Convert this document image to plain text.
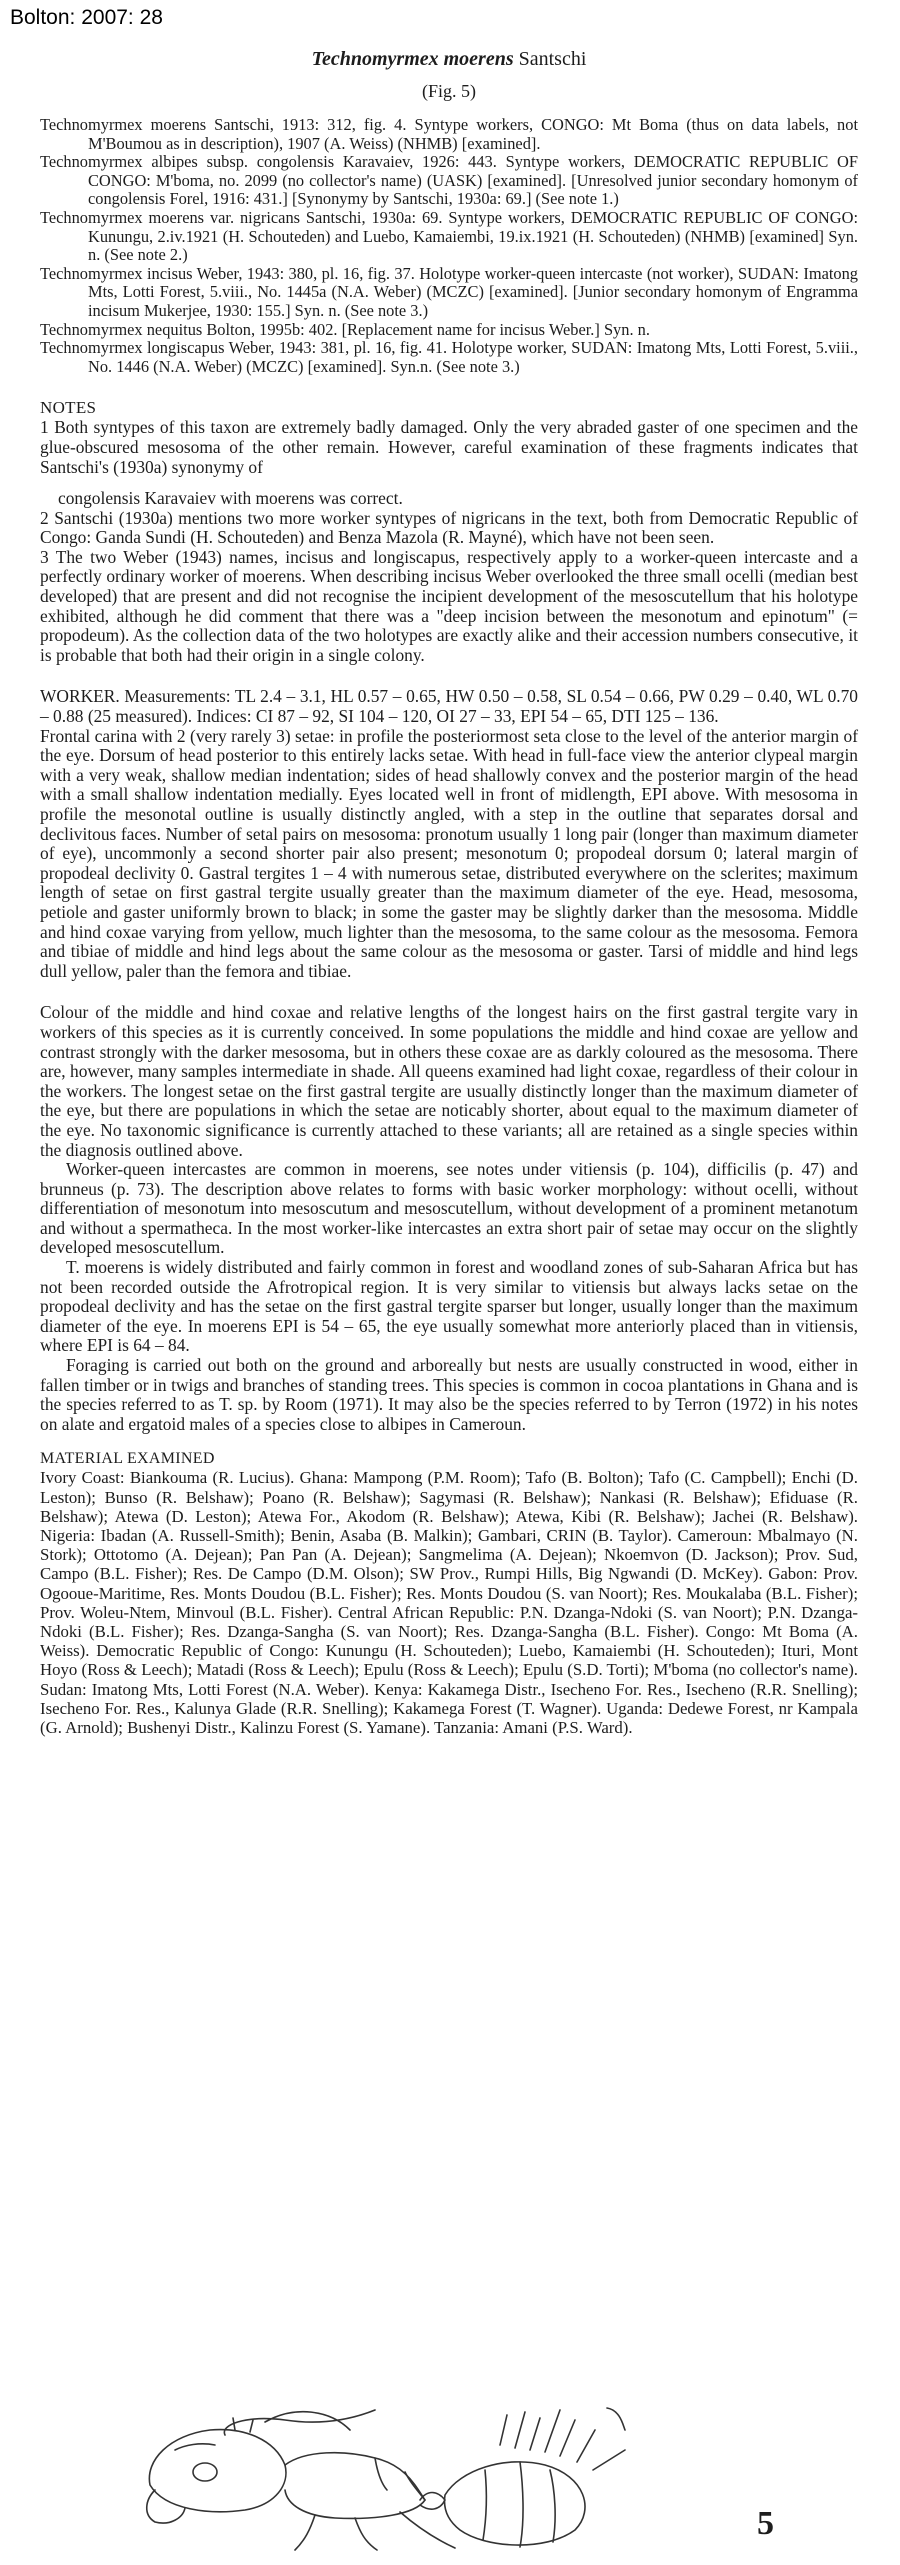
Bolton: 2007: 28

Technomyrmex moerens Santschi

(Fig. 5)

Technomyrmex moerens Santschi, 1913: 312, fig. 4. Syntype workers, CONGO: Mt Boma (thus on data labels, not M'Boumou as in description), 1907 (A. Weiss) (NHMB) [examined].

Technomyrmex albipes subsp. congolensis Karavaiev, 1926: 443. Syntype workers, DEMOCRATIC REPUBLIC OF CONGO: M'boma, no. 2099 (no collector's name) (UASK) [examined]. [Unresolved junior secondary homonym of congolensis Forel, 1916: 431.] [Synonymy by Santschi, 1930a: 69.] (See note 1.)

Technomyrmex moerens var. nigricans Santschi, 1930a: 69. Syntype workers, DEMOCRATIC REPUBLIC OF CONGO: Kunungu, 2.iv.1921 (H. Schouteden) and Luebo, Kamaiembi, 19.ix.1921 (H. Schouteden) (NHMB) [examined] Syn. n. (See note 2.)

Technomyrmex incisus Weber, 1943: 380, pl. 16, fig. 37. Holotype worker-queen intercaste (not worker), SUDAN: Imatong Mts, Lotti Forest, 5.viii., No. 1445a (N.A. Weber) (MCZC) [examined]. [Junior secondary homonym of Engramma incisum Mukerjee, 1930: 155.] Syn. n. (See note 3.)

Technomyrmex nequitus Bolton, 1995b: 402. [Replacement name for incisus Weber.] Syn. n.

Technomyrmex longiscapus Weber, 1943: 381, pl. 16, fig. 41. Holotype worker, SUDAN: Imatong Mts, Lotti Forest, 5.viii., No. 1446 (N.A. Weber) (MCZC) [examined]. Syn.n. (See note 3.)

NOTES

1 Both syntypes of this taxon are extremely badly damaged. Only the very abraded gaster of one specimen and the glue-obscured mesosoma of the other remain. However, careful examination of these fragments indicates that Santschi's (1930a) synonymy of

congolensis Karavaiev with moerens was correct.

2 Santschi (1930a) mentions two more worker syntypes of nigricans in the text, both from Democratic Republic of Congo: Ganda Sundi (H. Schouteden) and Benza Mazola (R. Mayné), which have not been seen.

3 The two Weber (1943) names, incisus and longiscapus, respectively apply to a worker-queen intercaste and a perfectly ordinary worker of moerens. When describing incisus Weber overlooked the three small ocelli (median best developed) that are present and did not recognise the incipient development of the mesoscutellum that his holotype exhibited, although he did comment that there was a "deep incision between the mesonotum and epinotum" (= propodeum). As the collection data of the two holotypes are exactly alike and their accession numbers consecutive, it is probable that both had their origin in a single colony.

WORKER. Measurements: TL 2.4 – 3.1, HL 0.57 – 0.65, HW 0.50 – 0.58, SL 0.54 – 0.66, PW 0.29 – 0.40, WL 0.70 – 0.88 (25 measured). Indices: CI 87 – 92, SI 104 – 120, OI 27 – 33, EPI 54 – 65, DTI 125 – 136.

Frontal carina with 2 (very rarely 3) setae: in profile the posteriormost seta close to the level of the anterior margin of the eye. Dorsum of head posterior to this entirely lacks setae. With head in full-face view the anterior clypeal margin with a very weak, shallow median indentation; sides of head shallowly convex and the posterior margin of the head with a small shallow indentation medially. Eyes located well in front of midlength, EPI above. With mesosoma in profile the mesonotal outline is usually distinctly angled, with a step in the outline that separates dorsal and declivitous faces. Number of setal pairs on mesosoma: pronotum usually 1 long pair (longer than maximum diameter of eye), uncommonly a second shorter pair also present; mesonotum 0; propodeal dorsum 0; lateral margin of propodeal declivity 0. Gastral tergites 1 – 4 with numerous setae, distributed everywhere on the sclerites; maximum length of setae on first gastral tergite usually greater than the maximum diameter of the eye. Head, mesosoma, petiole and gaster uniformly brown to black; in some the gaster may be slightly darker than the mesosoma. Middle and hind coxae varying from yellow, much lighter than the mesosoma, to the same colour as the mesosoma. Femora and tibiae of middle and hind legs about the same colour as the mesosoma or gaster. Tarsi of middle and hind legs dull yellow, paler than the femora and tibiae.

Colour of the middle and hind coxae and relative lengths of the longest hairs on the first gastral tergite vary in workers of this species as it is currently conceived. In some populations the middle and hind coxae are yellow and contrast strongly with the darker mesosoma, but in others these coxae are as darkly coloured as the mesosoma. There are, however, many samples intermediate in shade. All queens examined had light coxae, regardless of their colour in the workers. The longest setae on the first gastral tergite are usually distinctly longer than the maximum diameter of the eye, but there are populations in which the setae are noticably shorter, about equal to the maximum diameter of the eye. No taxonomic significance is currently attached to these variants; all are retained as a single species within the diagnosis outlined above.

Worker-queen intercastes are common in moerens, see notes under vitiensis (p. 104), difficilis (p. 47) and brunneus (p. 73). The description above relates to forms with basic worker morphology: without ocelli, without differentiation of mesonotum into mesoscutum and mesoscutellum, without development of a prominent metanotum and without a spermatheca. In the most worker-like intercastes an extra short pair of setae may occur on the slightly developed mesoscutellum.

T. moerens is widely distributed and fairly common in forest and woodland zones of sub-Saharan Africa but has not been recorded outside the Afrotropical region. It is very similar to vitiensis but always lacks setae on the propodeal declivity and has the setae on the first gastral tergite sparser but longer, usually longer than the maximum diameter of the eye. In moerens EPI is 54 – 65, the eye usually somewhat more anteriorly placed than in vitiensis, where EPI is 64 – 84.

Foraging is carried out both on the ground and arboreally but nests are usually constructed in wood, either in fallen timber or in twigs and branches of standing trees. This species is common in cocoa plantations in Ghana and is the species referred to as T. sp. by Room (1971). It may also be the species referred to by Terron (1972) in his notes on alate and ergatoid males of a species close to albipes in Cameroun.

MATERIAL EXAMINED

Ivory Coast: Biankouma (R. Lucius). Ghana: Mampong (P.M. Room); Tafo (B. Bolton); Tafo (C. Campbell); Enchi (D. Leston); Bunso (R. Belshaw); Poano (R. Belshaw); Sagymasi (R. Belshaw); Nankasi (R. Belshaw); Efiduase (R. Belshaw); Atewa (D. Leston); Atewa For., Akodom (R. Belshaw); Atewa, Kibi (R. Belshaw); Jachei (R. Belshaw). Nigeria: Ibadan (A. Russell-Smith); Benin, Asaba (B. Malkin); Gambari, CRIN (B. Taylor). Cameroun: Mbalmayo (N. Stork); Ottotomo (A. Dejean); Pan Pan (A. Dejean); Sangmelima (A. Dejean); Nkoemvon (D. Jackson); Prov. Sud, Campo (B.L. Fisher); Res. De Campo (D.M. Olson); SW Prov., Rumpi Hills, Big Ngwandi (D. McKey). Gabon: Prov. Ogooue-Maritime, Res. Monts Doudou (B.L. Fisher); Res. Monts Doudou (S. van Noort); Res. Moukalaba (B.L. Fisher); Prov. Woleu-Ntem, Minvoul (B.L. Fisher). Central African Republic: P.N. Dzanga-Ndoki (S. van Noort); P.N. Dzanga-Ndoki (B.L. Fisher); Res. Dzanga-Sangha (S. van Noort); Res. Dzanga-Sangha (B.L. Fisher). Congo: Mt Boma (A. Weiss). Democratic Republic of Congo: Kunungu (H. Schouteden); Luebo, Kamaiembi (H. Schouteden); Ituri, Mont Hoyo (Ross & Leech); Matadi (Ross & Leech); Epulu (Ross & Leech); Epulu (S.D. Torti); M'boma (no collector's name). Sudan: Imatong Mts, Lotti Forest (N.A. Weber). Kenya: Kakamega Distr., Isecheno For. Res., Isecheno (R.R. Snelling); Isecheno For. Res., Kalunya Glade (R.R. Snelling); Kakamega Forest (T. Wagner). Uganda: Dedewe Forest, nr Kampala (G. Arnold); Bushenyi Distr., Kalinzu Forest (S. Yamane). Tanzania: Amani (P.S. Ward).

5
